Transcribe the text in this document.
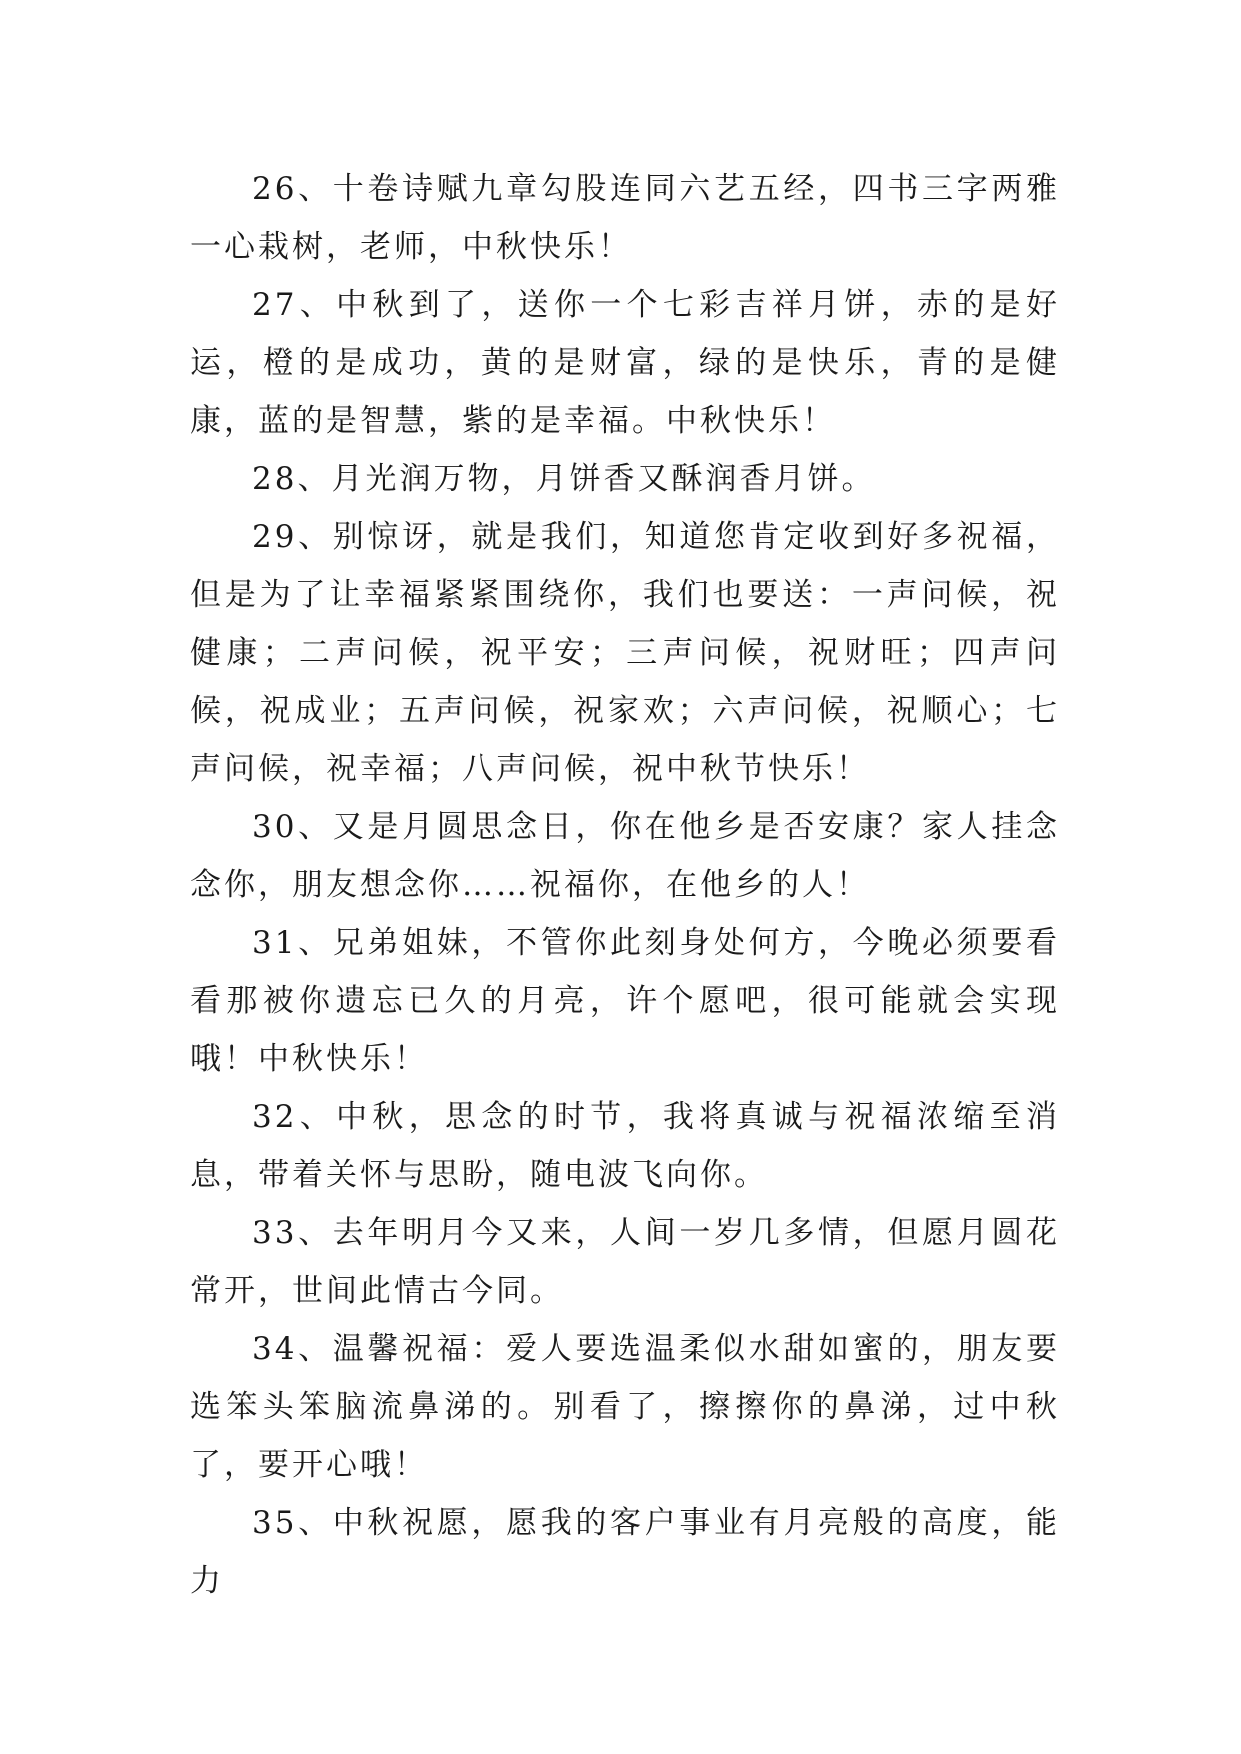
26、十卷诗赋九章勾股连同六艺五经，四书三字两雅一心栽树，老师，中秋快乐！

27、中秋到了，送你一个七彩吉祥月饼，赤的是好运，橙的是成功，黄的是财富，绿的是快乐，青的是健康，蓝的是智慧，紫的是幸福。中秋快乐！

28、月光润万物，月饼香又酥润香月饼。

29、别惊讶，就是我们，知道您肯定收到好多祝福，但是为了让幸福紧紧围绕你，我们也要送：一声问候，祝健康；二声问候，祝平安；三声问候，祝财旺；四声问候，祝成业；五声问候，祝家欢；六声问候，祝顺心；七声问候，祝幸福；八声问候，祝中秋节快乐！

30、又是月圆思念日，你在他乡是否安康？家人挂念念你，朋友想念你……祝福你，在他乡的人！

31、兄弟姐妹，不管你此刻身处何方，今晚必须要看看那被你遗忘已久的月亮，许个愿吧，很可能就会实现哦！中秋快乐！

32、中秋，思念的时节，我将真诚与祝福浓缩至消息，带着关怀与思盼，随电波飞向你。

33、去年明月今又来，人间一岁几多情，但愿月圆花常开，世间此情古今同。

34、温馨祝福：爱人要选温柔似水甜如蜜的，朋友要选笨头笨脑流鼻涕的。别看了，擦擦你的鼻涕，过中秋了，要开心哦！

35、中秋祝愿，愿我的客户事业有月亮般的高度，能力
